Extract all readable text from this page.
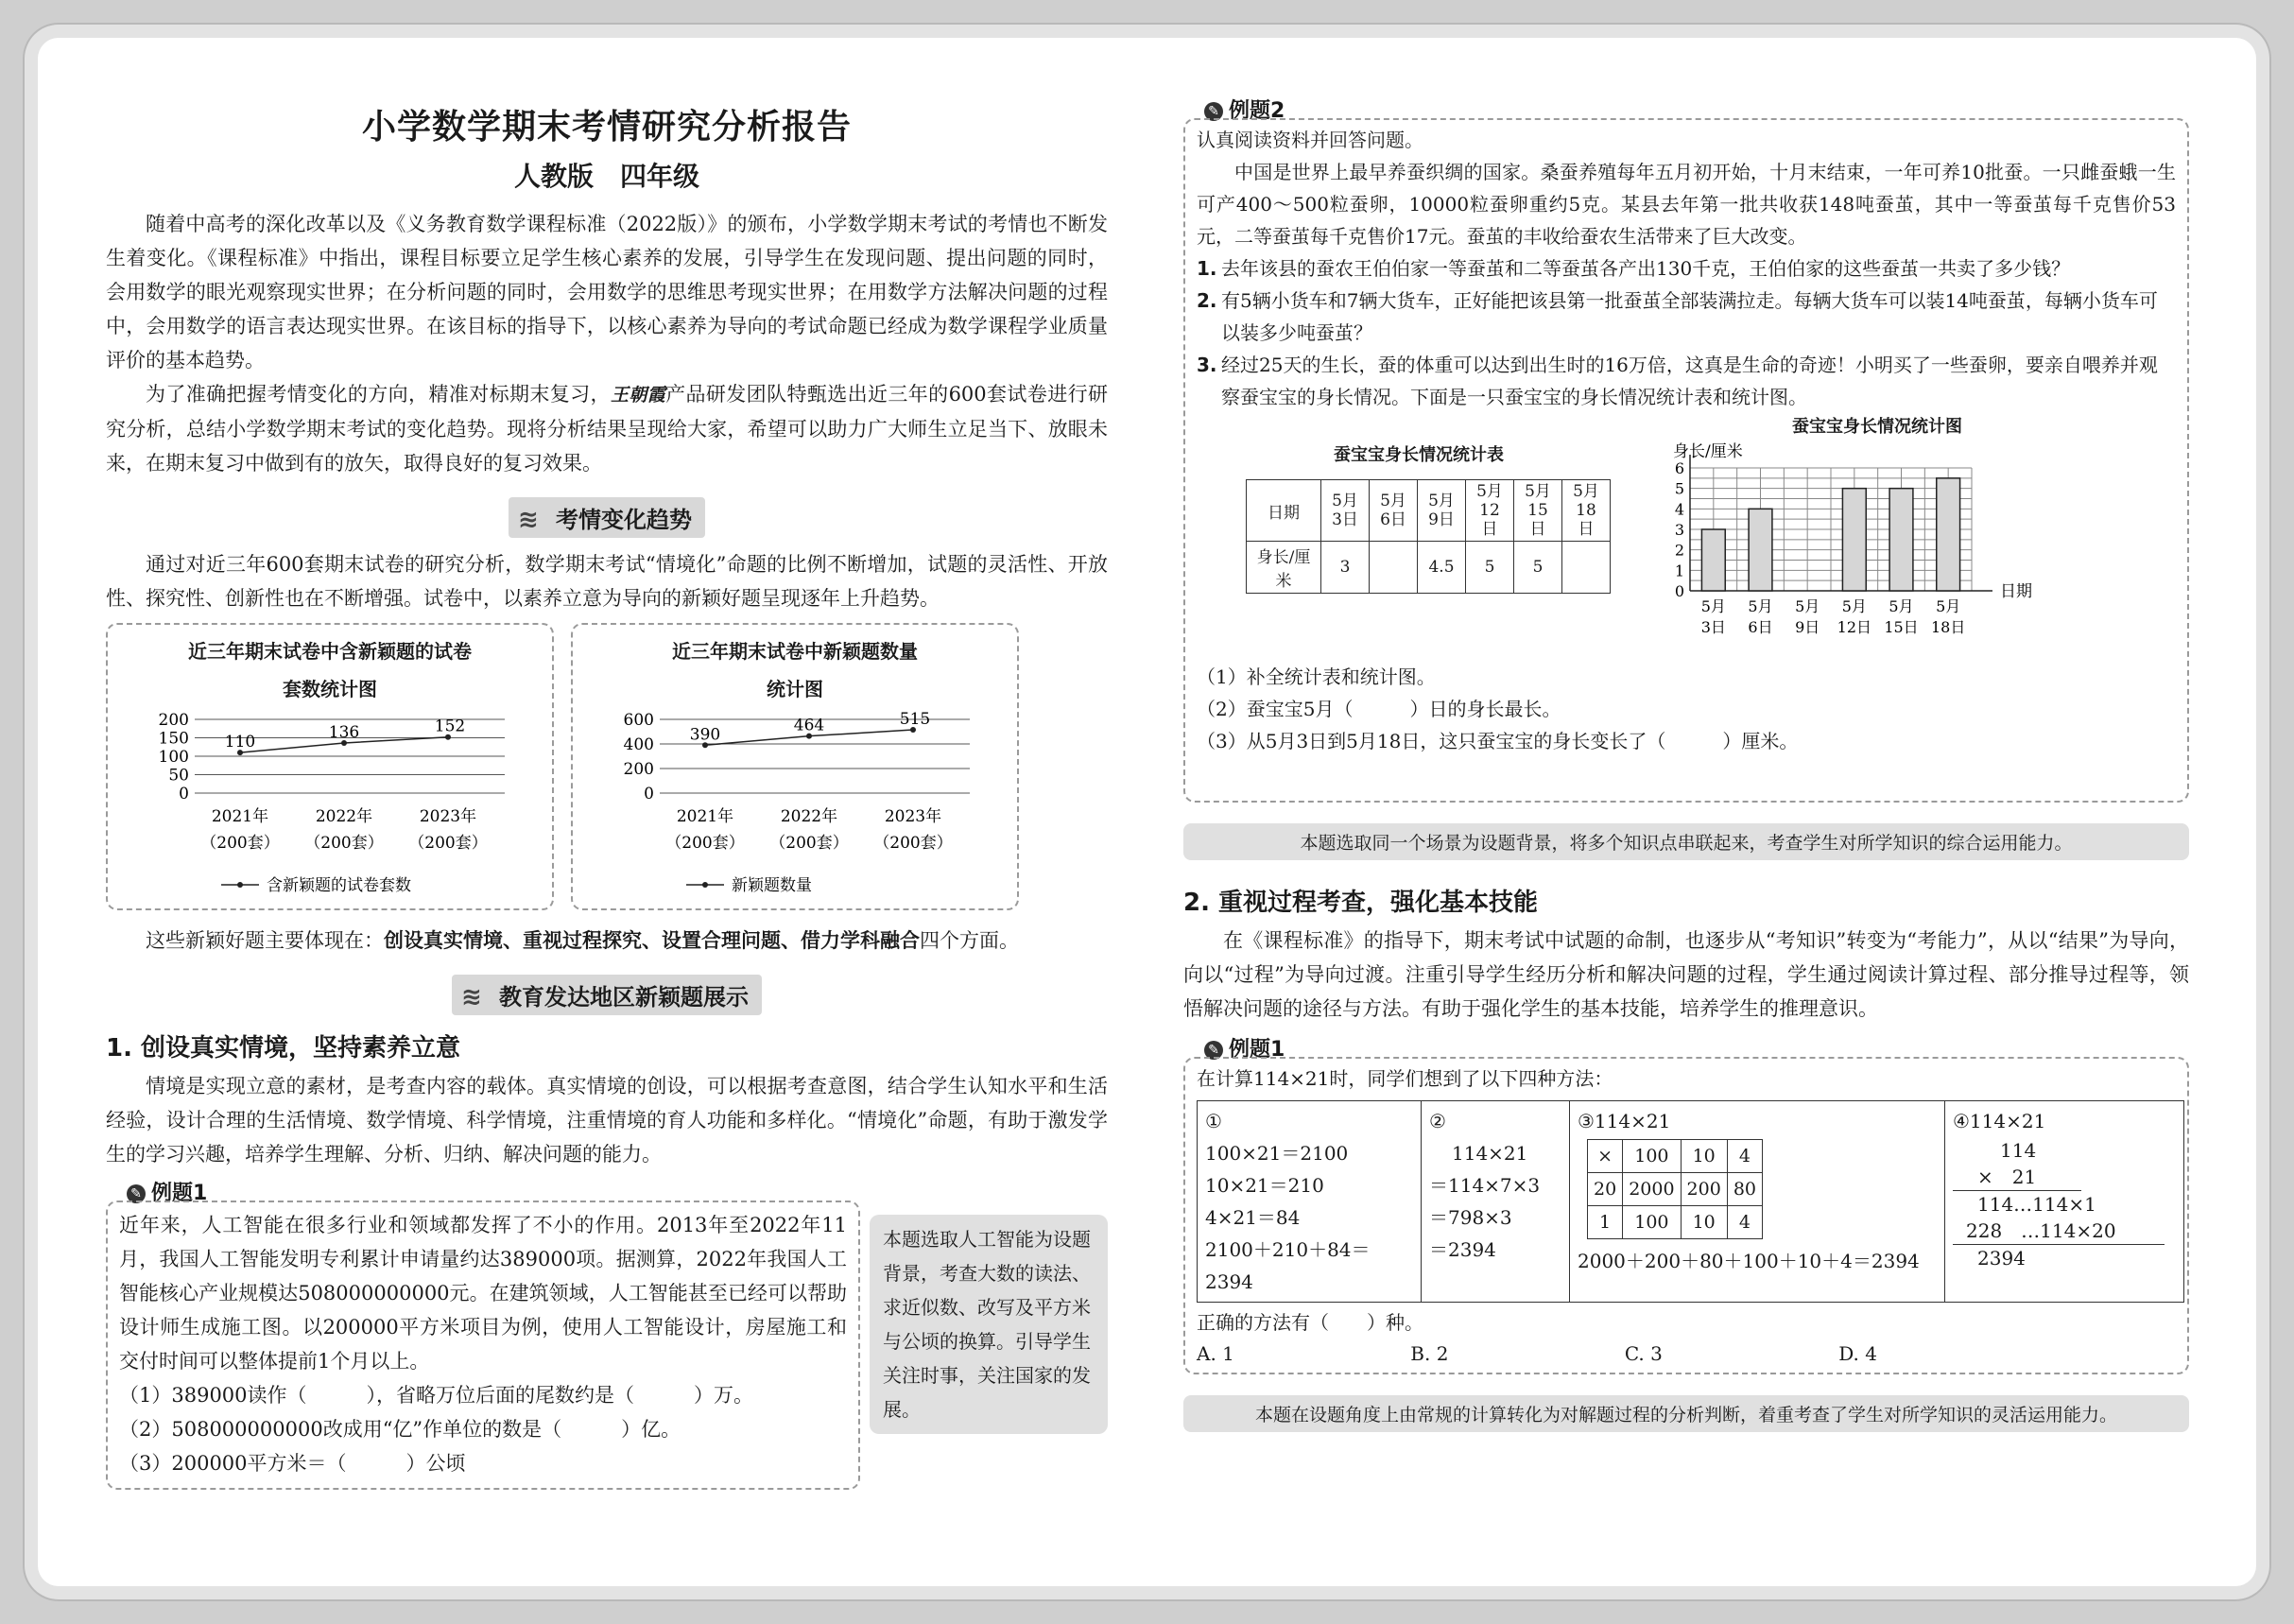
小学数学期末考情研究分析报告
人教版　四年级

随着中高考的深化改革以及《义务教育数学课程标准（2022版）》的颁布，小学数学期末考试的考情也不断发生着变化。《课程标准》中指出，课程目标要立足学生核心素养的发展，引导学生在发现问题、提出问题的同时，会用数学的眼光观察现实世界；在分析问题的同时，会用数学的思维思考现实世界；在用数学方法解决问题的过程中，会用数学的语言表达现实世界。在该目标的指导下，以核心素养为导向的考试命题已经成为数学课程学业质量评价的基本趋势。

为了准确把握考情变化的方向，精准对标期末复习，王朝霞产品研发团队特甄选出近三年的600套试卷进行研究分析，总结小学数学期末考试的变化趋势。现将分析结果呈现给大家，希望可以助力广大师生立足当下、放眼未来，在期末复习中做到有的放矢，取得良好的复习效果。

≋ 考情变化趋势

通过对近三年600套期末试卷的研究分析，数学期末考试“情境化”命题的比例不断增加，试题的灵活性、开放性、探究性、创新性也在不断增强。试卷中，以素养立意为导向的新颖好题呈现逐年上升趋势。

近三年期末试卷中含新颖题的试卷
套数统计图
0
50
100
150
200
110
136	152
2021年
（200套）
2022年
（200套）
2023年
（200套）
含新颖题的试卷套数
近三年期末试卷中新颖题数量
统计图
0
200
400
600
390	464	515
2021年
（200套）
2022年
（200套）
2023年
（200套）
新颖题数量

这些新颖好题主要体现在：创设真实情境、重视过程探究、设置合理问题、借力学科融合四个方面。

≋ 教育发达地区新颖题展示
1. 创设真实情境，坚持素养立意

情境是实现立意的素材，是考查内容的载体。真实情境的创设，可以根据考查意图，结合学生认知水平和生活经验，设计合理的生活情境、数学情境、科学情境，注重情境的育人功能和多样化。“情境化”命题，有助于激发学生的学习兴趣，培养学生理解、分析、归纳、解决问题的能力。

✎ 例题1
近年来，人工智能在很多行业和领域都发挥了不小的作用。2013年至2022年11月，我国人工智能发明专利累计申请量约达389000项。据测算，2022年我国人工智能核心产业规模达508000000000元。在建筑领域，人工智能甚至已经可以帮助设计师生成施工图。以200000平方米项目为例，使用人工智能设计，房屋施工和交付时间可以整体提前1个月以上。
（1）389000读作（　　　），省略万位后面的尾数约是（　　　）万。
（2）508000000000改成用“亿”作单位的数是（　　　）亿。
（3）200000平方米＝（　　　）公顷
本题选取人工智能为设题背景，考查大数的读法、求近似数、改写及平方米与公顷的换算。引导学生关注时事，关注国家的发展。
✎ 例题2
认真阅读资料并回答问题。
中国是世界上最早养蚕织绸的国家。桑蚕养殖每年五月初开始，十月末结束，一年可养10批蚕。一只雌蚕蛾一生可产400～500粒蚕卵，10000粒蚕卵重约5克。某县去年第一批共收获148吨蚕茧，其中一等蚕茧每千克售价53元，二等蚕茧每千克售价17元。蚕茧的丰收给蚕农生活带来了巨大改变。
1. 去年该县的蚕农王伯伯家一等蚕茧和二等蚕茧各产出130千克，王伯伯家的这些蚕茧一共卖了多少钱？
2. 有5辆小货车和7辆大货车，正好能把该县第一批蚕茧全部装满拉走。每辆大货车可以装14吨蚕茧，每辆小货车可以装多少吨蚕茧？
3. 经过25天的生长，蚕的体重可以达到出生时的16万倍，这真是生命的奇迹！小明买了一些蚕卵，要亲自喂养并观察蚕宝宝的身长情况。下面是一只蚕宝宝的身长情况统计表和统计图。
蚕宝宝身长情况统计表
日期	5月3日	5月6日	5月9日	5月12日	5月15日	5月18日
身长/厘米	3		4.5	5	5	
蚕宝宝身长情况统计图
身长/厘米
日期
0
1
2
3
4
5
6
5月
3日
5月
6日
5月
9日
5月
12日
5月
15日
5月
18日
（1）补全统计表和统计图。
（2）蚕宝宝5月（　　　）日的身长最长。
（3）从5月3日到5月18日，这只蚕宝宝的身长变长了（　　　）厘米。
本题选取同一个场景为设题背景，将多个知识点串联起来，考查学生对所学知识的综合运用能力。
2. 重视过程考查，强化基本技能

在《课程标准》的指导下，期末考试中试题的命制，也逐步从“考知识”转变为“考能力”，从以“结果”为导向，向以“过程”为导向过渡。注重引导学生经历分析和解决问题的过程，学生通过阅读计算过程、部分推导过程等，领悟解决问题的途径与方法。有助于强化学生的基本技能，培养学生的推理意识。

✎ 例题1
在计算114×21时，同学们想到了以下四种方法：
①
100×21＝2100
10×21＝210
4×21＝84
2100＋210＋84＝2394

②
114×21
＝114×7×3
＝798×3
＝2394

③114×21
×	100	10	4
20	2000	200	80
1	100	10	4
2000＋200＋80＋100＋10＋4＝2394

④114×21
114
×　21
114…114×1
228　…114×20
2394
正确的方法有（　　）种。
A. 1	B. 2	C. 3	D. 4
本题在设题角度上由常规的计算转化为对解题过程的分析判断，着重考查了学生对所学知识的灵活运用能力。
